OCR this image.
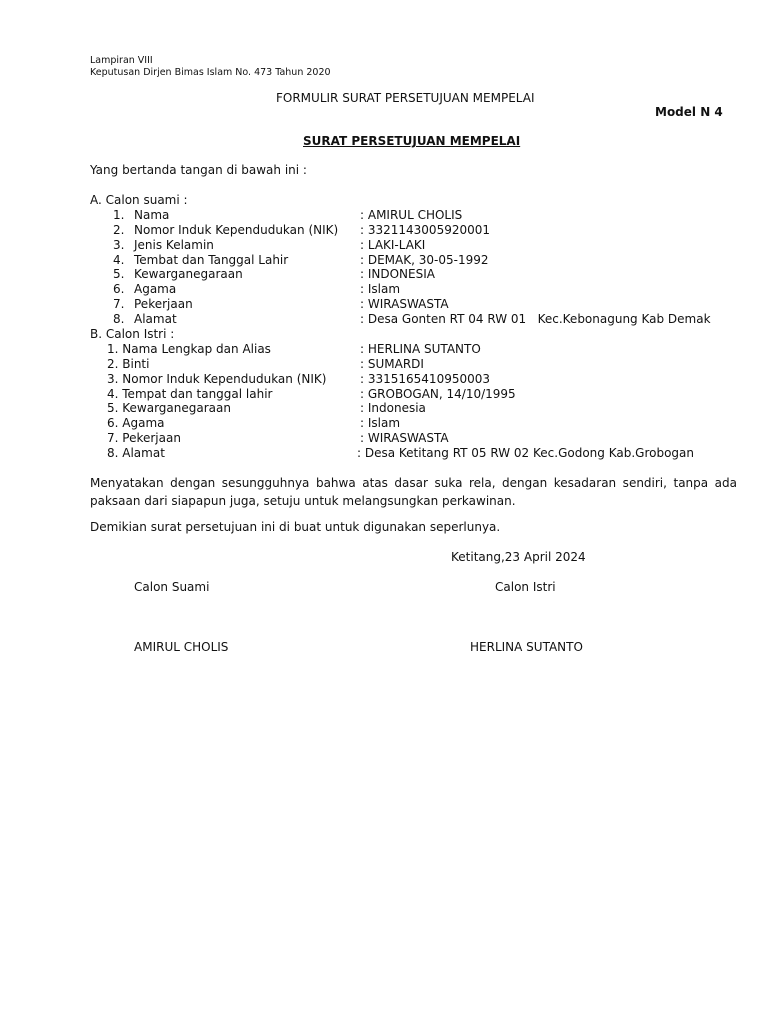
Lampiran VIII
Keputusan Dirjen Bimas Islam No. 473 Tahun 2020
FORMULIR SURAT PERSETUJUAN MEMPELAI
Model N 4
SURAT PERSETUJUAN MEMPELAI
Yang bertanda tangan di bawah ini :
A. Calon suami :
1. Nama	: AMIRUL CHOLIS
2. Nomor Induk Kependudukan (NIK) : 3321143005920001
3. Jenis Kelamin	: LAKI-LAKI
4. Tembat dan Tanggal Lahir	: DEMAK, 30-05-1992
5. Kewarganegaraan	: INDONESIA
6. Agama	: Islam
7. Pekerjaan	: WIRASWASTA
8. Alamat	: Desa Gonten RT 04 RW 01   Kec.Kebonagung Kab Demak
B. Calon Istri :
1. Nama Lengkap dan Alias	: HERLINA SUTANTO
2. Binti	: SUMARDI
3. Nomor Induk Kependudukan (NIK)	: 3315165410950003
4. Tempat dan tanggal lahir	: GROBOGAN, 14/10/1995
5. Kewarganegaraan	: Indonesia
6. Agama	: Islam
7. Pekerjaan	: WIRASWASTA
8. Alamat	: Desa Ketitang RT 05 RW 02 Kec.Godong Kab.Grobogan
Menyatakan dengan sesungguhnya bahwa atas dasar suka rela, dengan kesadaran sendiri, tanpa ada paksaan dari siapapun juga, setuju untuk melangsungkan perkawinan.
Demikian surat persetujuan ini di buat untuk digunakan seperlunya.
Ketitang,23 April 2024
Calon Suami	Calon Istri
AMIRUL CHOLIS	HERLINA SUTANTO
